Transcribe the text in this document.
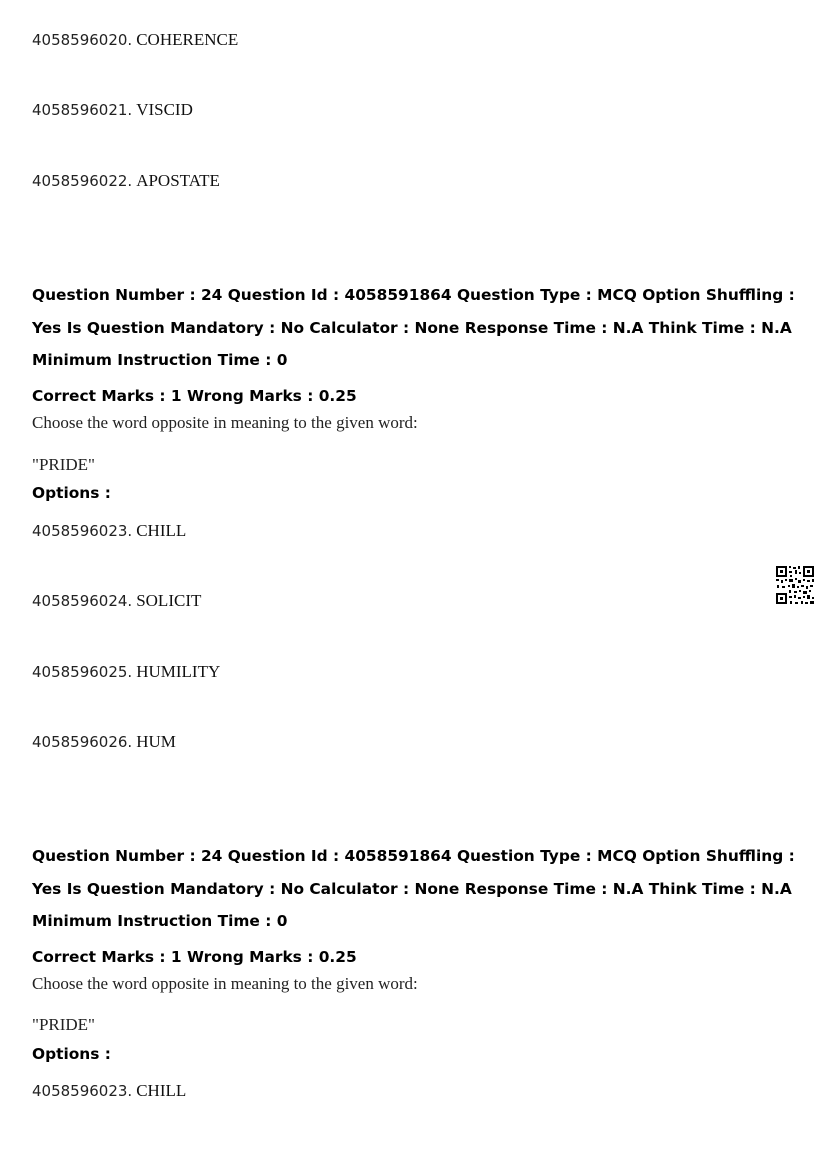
4058596020. COHERENCE
4058596021. VISCID
4058596022. APOSTATE
Question Number : 24 Question Id : 4058591864 Question Type : MCQ Option Shuffling : Yes Is Question Mandatory : No Calculator : None Response Time : N.A Think Time : N.A Minimum Instruction Time : 0
Correct Marks : 1 Wrong Marks : 0.25
Choose the word opposite in meaning to the given word:
"PRIDE"
Options :
4058596023. CHILL
4058596024. SOLICIT
4058596025. HUMILITY
4058596026. HUM
Question Number : 24 Question Id : 4058591864 Question Type : MCQ Option Shuffling : Yes Is Question Mandatory : No Calculator : None Response Time : N.A Think Time : N.A Minimum Instruction Time : 0
Correct Marks : 1 Wrong Marks : 0.25
Choose the word opposite in meaning to the given word:
"PRIDE"
Options :
4058596023. CHILL
